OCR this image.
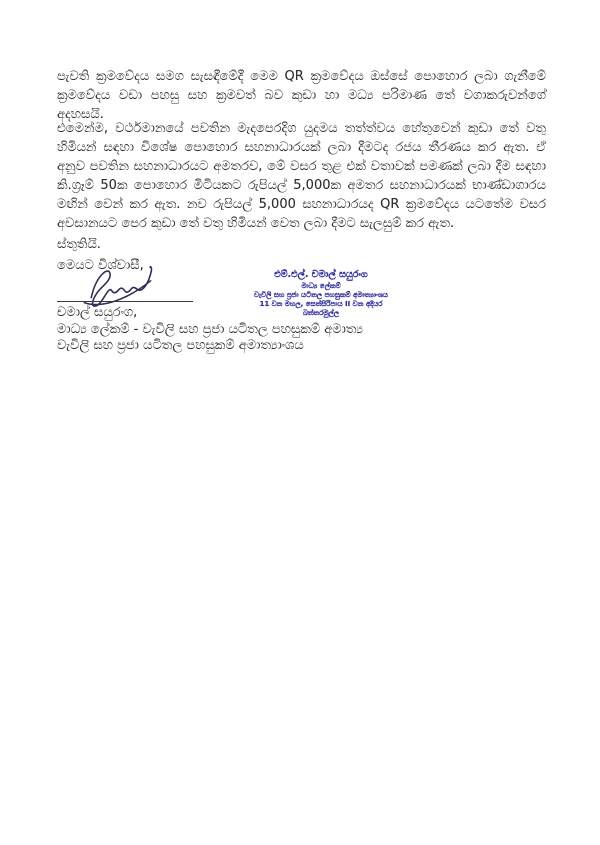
පැවති ක්‍රමවේදය සමග සැසඳීමේදී මෙම QR ක්‍රමවේදය ඔස්සේ පොහොර ලබා ගැනීමේ ක්‍රමවේදය වඩා පහසු සහ ක්‍රමවත් බව කුඩා හා මධ්‍ය පරිමාණ තේ වගාකරුවන්ගේ අදහසයි.

එමෙන්ම, වර්ථමානයේ පවතින මැදපෙරදිග යුදමය තත්ත්වය හේතුවෙන් කුඩා තේ වතු හිමියන් සඳහා විශේෂ පොහොර සහනාධාරයක් ලබා දීමටද රජය තීරණය කර ඇත. ඒ අනුව පවතින සහනාධාරයට අමතරව, මේ වසර තුළ එක් වතාවක් පමණක් ලබා දීම සඳහා කි.ග්‍රෑම් 50ක පොහොර මිටියකට රුපියල් 5,000ක අමතර සහනාධාරයක් භාණ්ඩාගාරය මඟින් වෙන් කර ඇත. නව රුපියල් 5,000 සහනාධාරයද QR ක්‍රමවේදය යටතේම වසර අවසානයට පෙර කුඩා තේ වතු හිමියන් වෙත ලබා දීමට සැලසුම් කර ඇත.

ස්තුතියි.
මෙයට විශ්වාසී,
චමාල් සයුරංග,
මාධ්‍ය ලේකම් - වැවිලි සහ ප්‍රජා යටිතල පහසුකම් අමාත්‍ය
වැවිලි සහ ප්‍රජා යටිතල පහසුකම් අමාත්‍යාංශය
එම්.එල්. චමාල් සයුරංග
මාධ්‍ය ලේකම්
වැවිලි සහ ප්‍රජා යටිතල පහසුකම් අමාත්‍යාංශය
11 වන මහල, සෙත්සිරිපාය II වන අදියර
බත්තරමුල්ල
